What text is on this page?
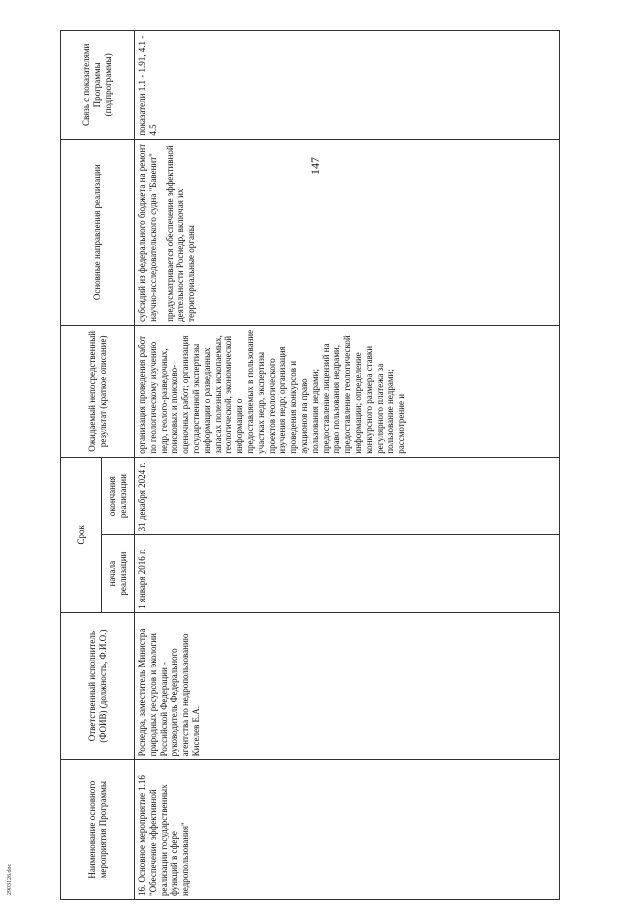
147
2903126.doc
Наименование основного мероприятия Программы	Ответственный исполнитель (ФОИВ) (должность, Ф.И.О.)	Срок		Ожидаемый непосредственный результат (краткое описание)	Основные направления реализации	Связь с показателями Программы (подпрограммы)
		начала реализации	окончания реализации			
16. Основное мероприятие 1.16 "Обеспечение эффективной реализации государственных функций в сфере недропользования"	Роснедра, заместитель Министра природных ресурсов и экологии Российской Федерации - руководитель Федерального агентства по недропользованию Киселев Е.А.	1 января 2016 г.	31 декабря 2024 г.	организация проведения работ по геологическому изучению недр, геолого-разведочных, поисковых и поисково-оценочных работ; организация государственной экспертизы информации о разведанных запасах полезных ископаемых, геологической, экономической информации о предоставляемых в пользование участках недр, экспертизы проектов геологического изучения недр; организация проведения конкурсов и аукционов на право пользования недрами; предоставление лицензий на право пользования недрами, предоставление геологической информации; определение конкурсного размера ставки регулярного платежа за пользование недрами; рассмотрение и	субсидий из федерального бюджета на ремонт научно-исследовательского судна "Бавенит" предусматривается обеспечение эффективной деятельности Роснедр, включая их территориальные органы	показатели 1.1 - 1.91, 4.1 - 4.5
